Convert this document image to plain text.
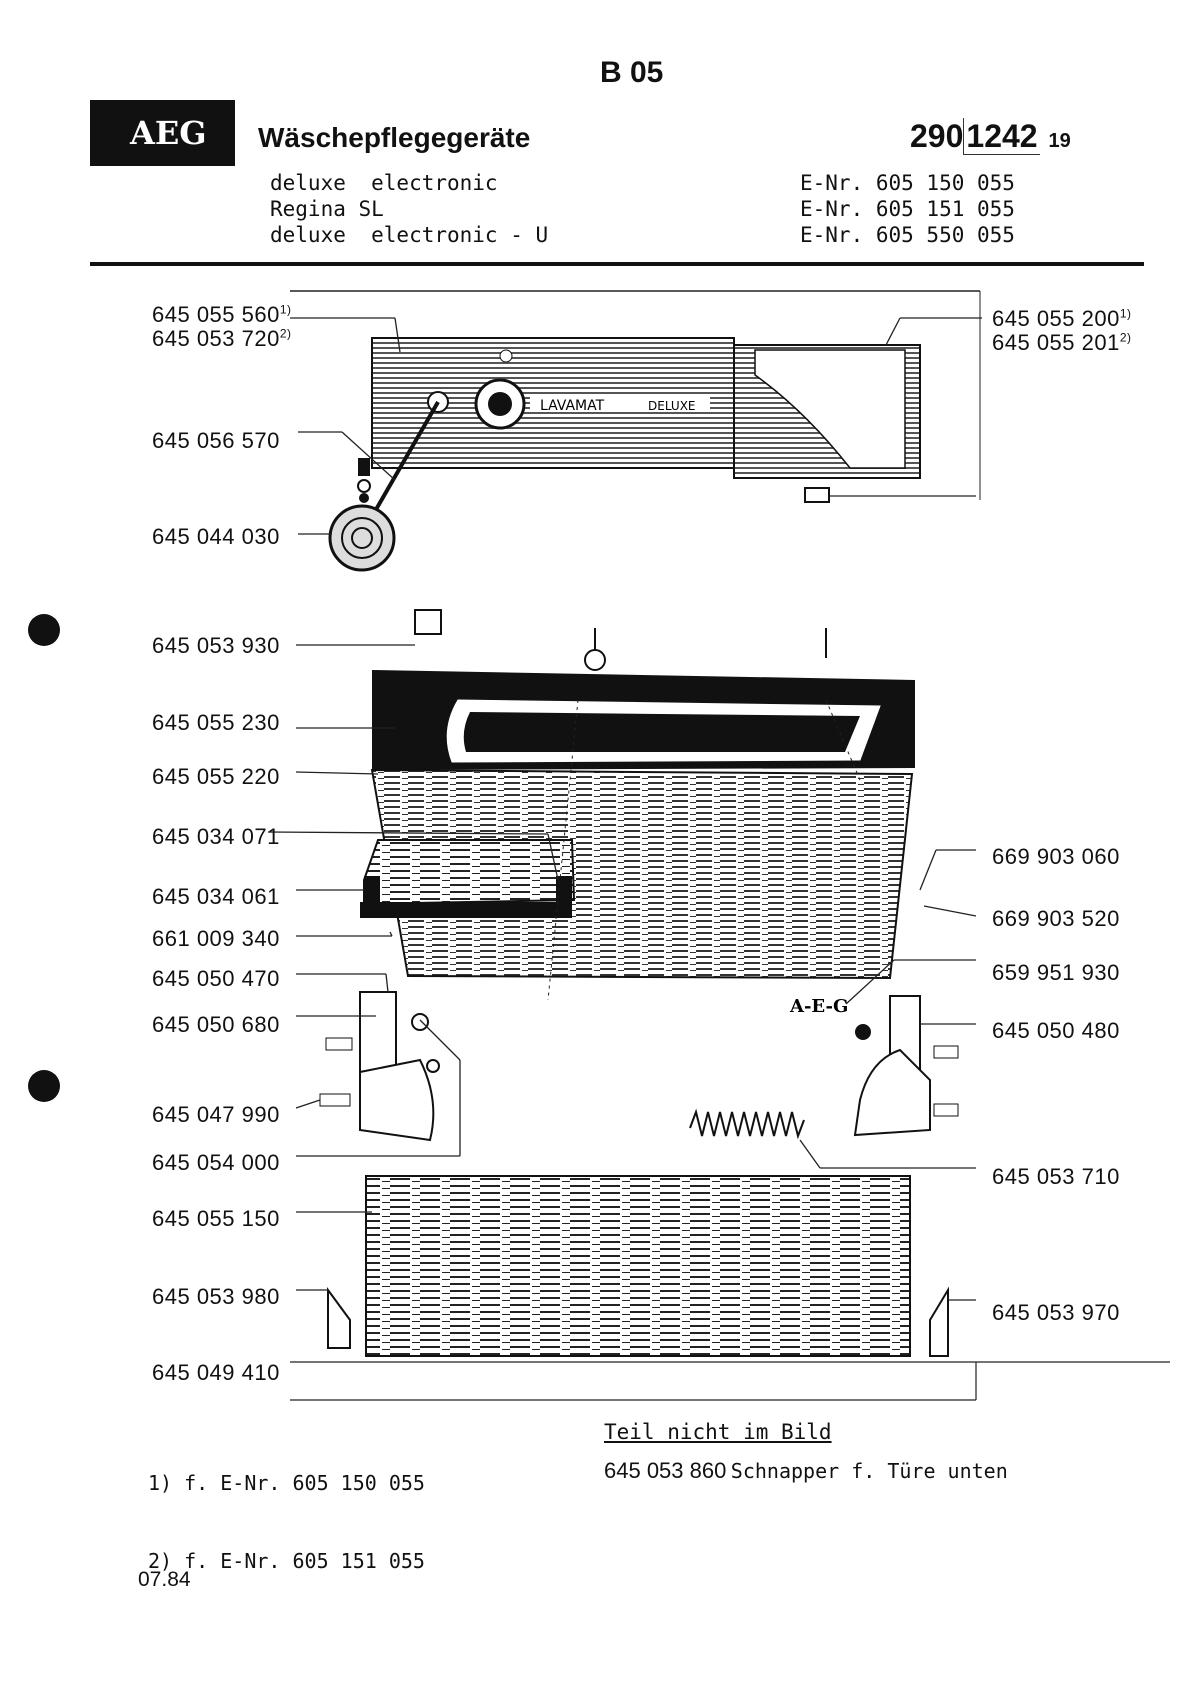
B 05
AEG Wäschepflegegeräte	2901242 19
deluxe  electronic
Regina SL
deluxe  electronic - U
E-Nr. 605 150 055
E-Nr. 605 151 055
E-Nr. 605 550 055
LAVAMAT	DELUXE
A-E-G
645 055 560$^{1)}$
645 053 720$^{2)}$
645 056 570
645 044 030
645 053 930
645 055 230
645 055 220
645 034 071
645 034 061
661 009 340
645 050 470
645 050 680
645 047 990
645 054 000
645 055 150
645 053 980
645 049 410
645 055 200$^{1)}$
645 055 201$^{2)}$
669 903 060
669 903 520
659 951 930
645 050 480
645 053 710
645 053 970

1) f. E-Nr. 605 150 055

2) f. E-Nr. 605 151 055

Teil nicht im Bild
645 053 860 Schnapper f. Türe unten
07.84
